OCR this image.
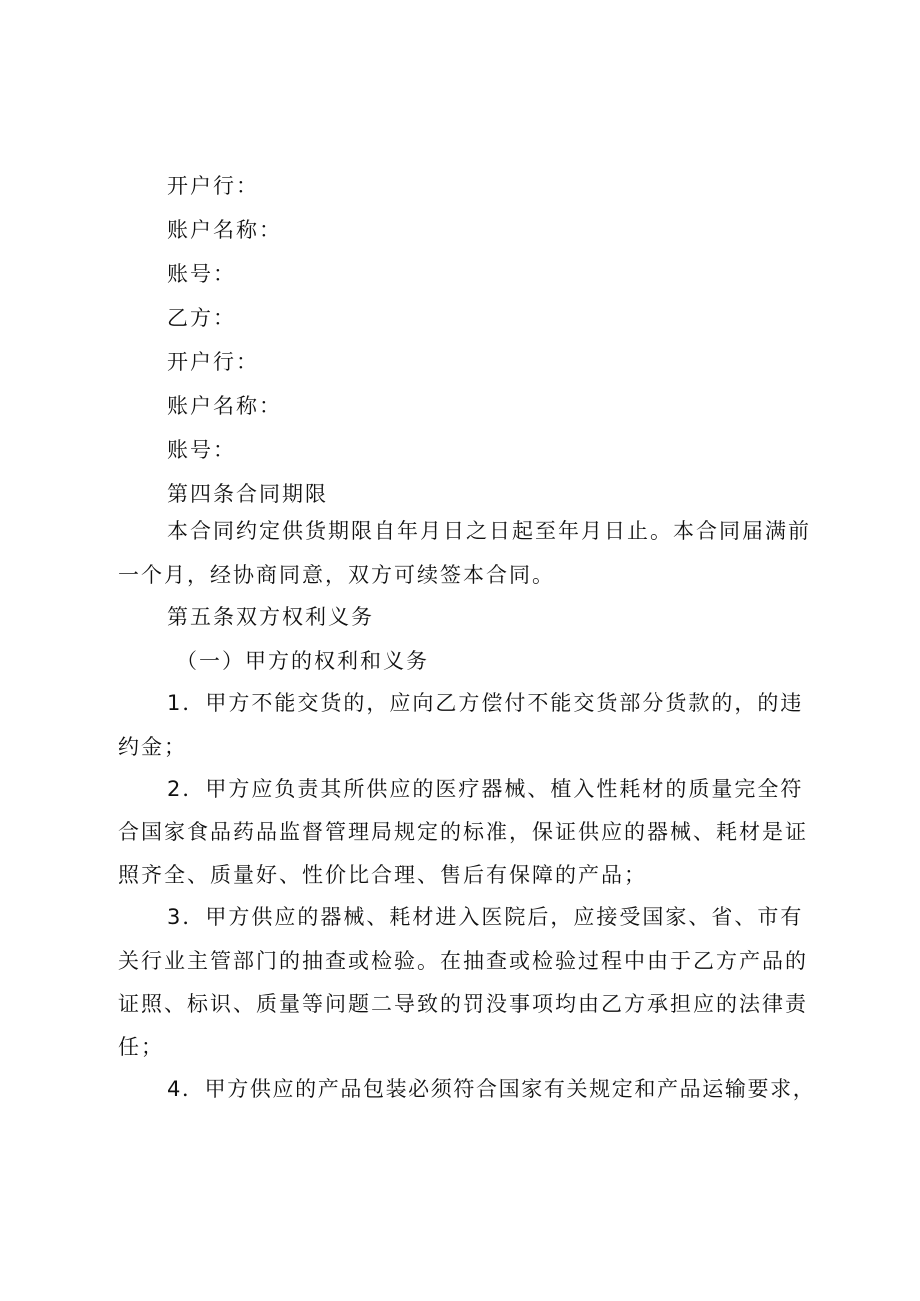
开户行：
账户名称：
账号：
乙方：
开户行：
账户名称：
账号：
第四条合同期限
本合同约定供货期限自年月日之日起至年月日止。本合同届满前
一个月，经协商同意，双方可续签本合同。
第五条双方权利义务
（一）甲方的权利和义务
1．甲方不能交货的，应向乙方偿付不能交货部分货款的，的违
约金；
2．甲方应负责其所供应的医疗器械、植入性耗材的质量完全符
合国家食品药品监督管理局规定的标准，保证供应的器械、耗材是证
照齐全、质量好、性价比合理、售后有保障的产品；
3．甲方供应的器械、耗材进入医院后，应接受国家、省、市有
关行业主管部门的抽查或检验。在抽查或检验过程中由于乙方产品的
证照、标识、质量等问题二导致的罚没事项均由乙方承担应的法律责
任；
4．甲方供应的产品包装必须符合国家有关规定和产品运输要求，
